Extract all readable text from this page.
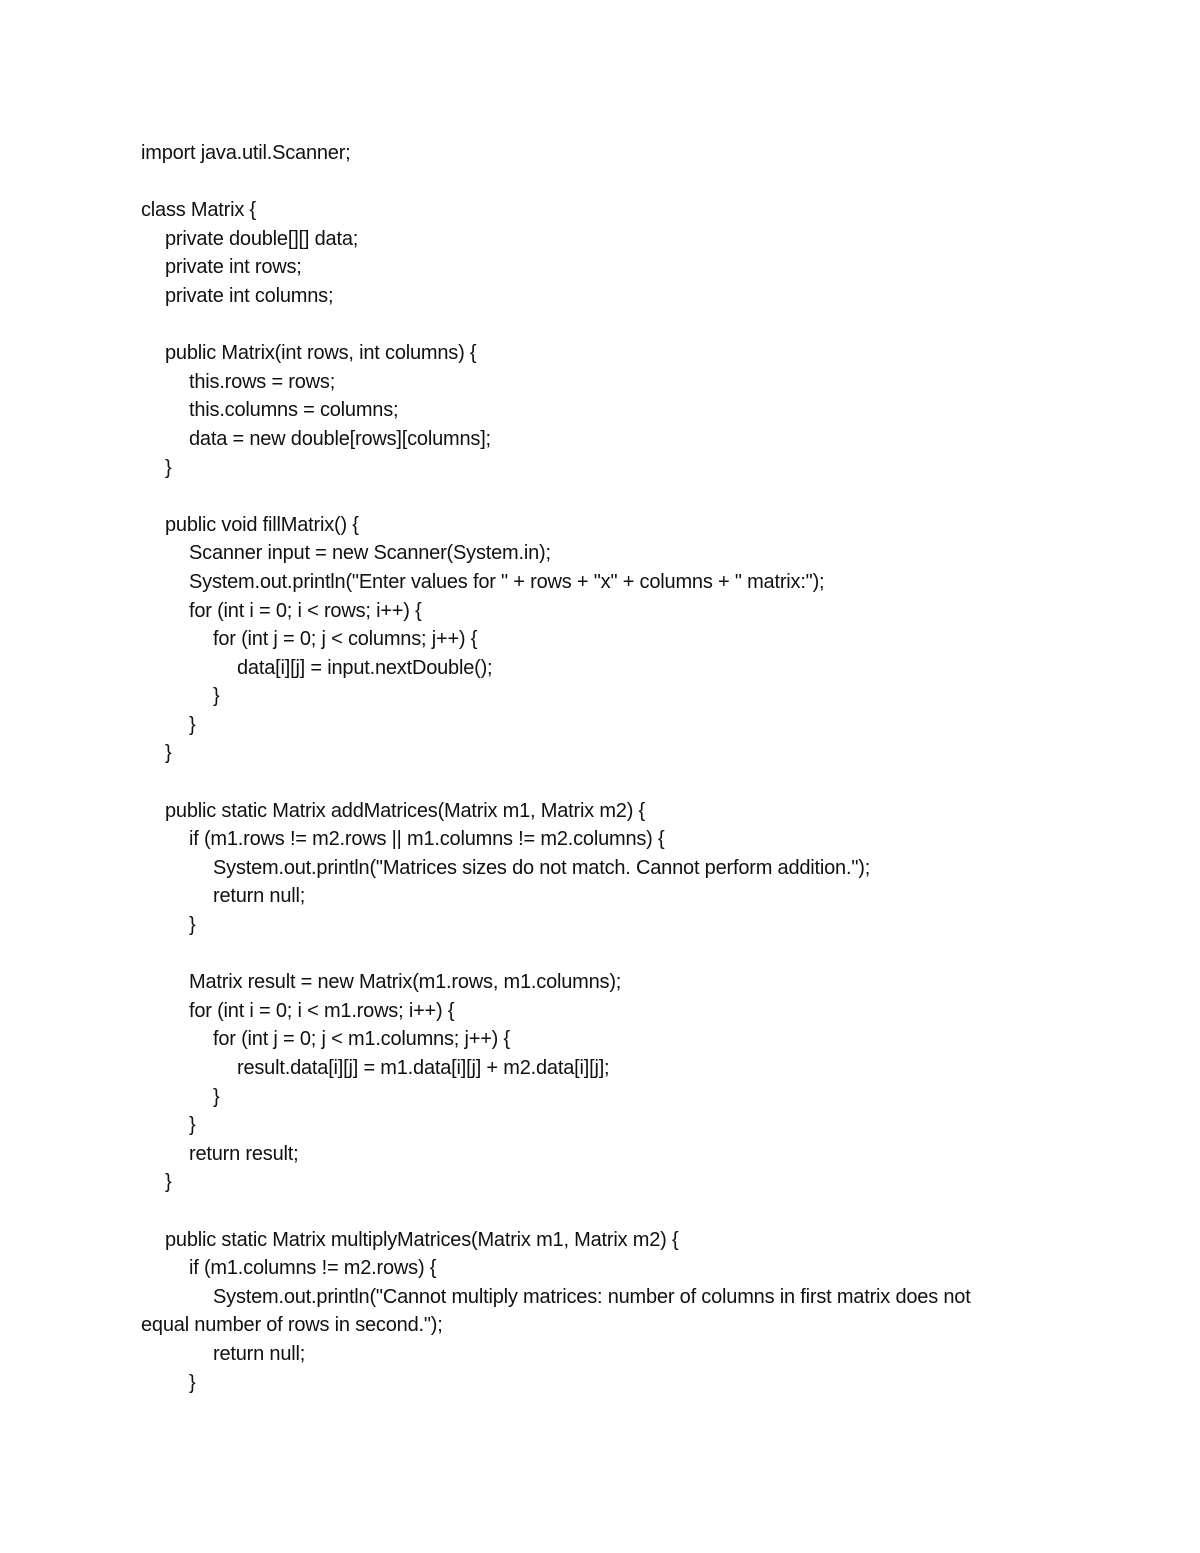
import java.util.Scanner;
class Matrix {
private double[][] data;
private int rows;
private int columns;
public Matrix(int rows, int columns) {
this.rows = rows;
this.columns = columns;
data = new double[rows][columns];
}
public void fillMatrix() {
Scanner input = new Scanner(System.in);
System.out.println("Enter values for " + rows + "x" + columns + " matrix:");
for (int i = 0; i < rows; i++) {
for (int j = 0; j < columns; j++) {
data[i][j] = input.nextDouble();
}
}
}
public static Matrix addMatrices(Matrix m1, Matrix m2) {
if (m1.rows != m2.rows || m1.columns != m2.columns) {
System.out.println("Matrices sizes do not match. Cannot perform addition.");
return null;
}
Matrix result = new Matrix(m1.rows, m1.columns);
for (int i = 0; i < m1.rows; i++) {
for (int j = 0; j < m1.columns; j++) {
result.data[i][j] = m1.data[i][j] + m2.data[i][j];
}
}
return result;
}
public static Matrix multiplyMatrices(Matrix m1, Matrix m2) {
if (m1.columns != m2.rows) {
System.out.println("Cannot multiply matrices: number of columns in first matrix does not
equal number of rows in second.");
return null;
}
